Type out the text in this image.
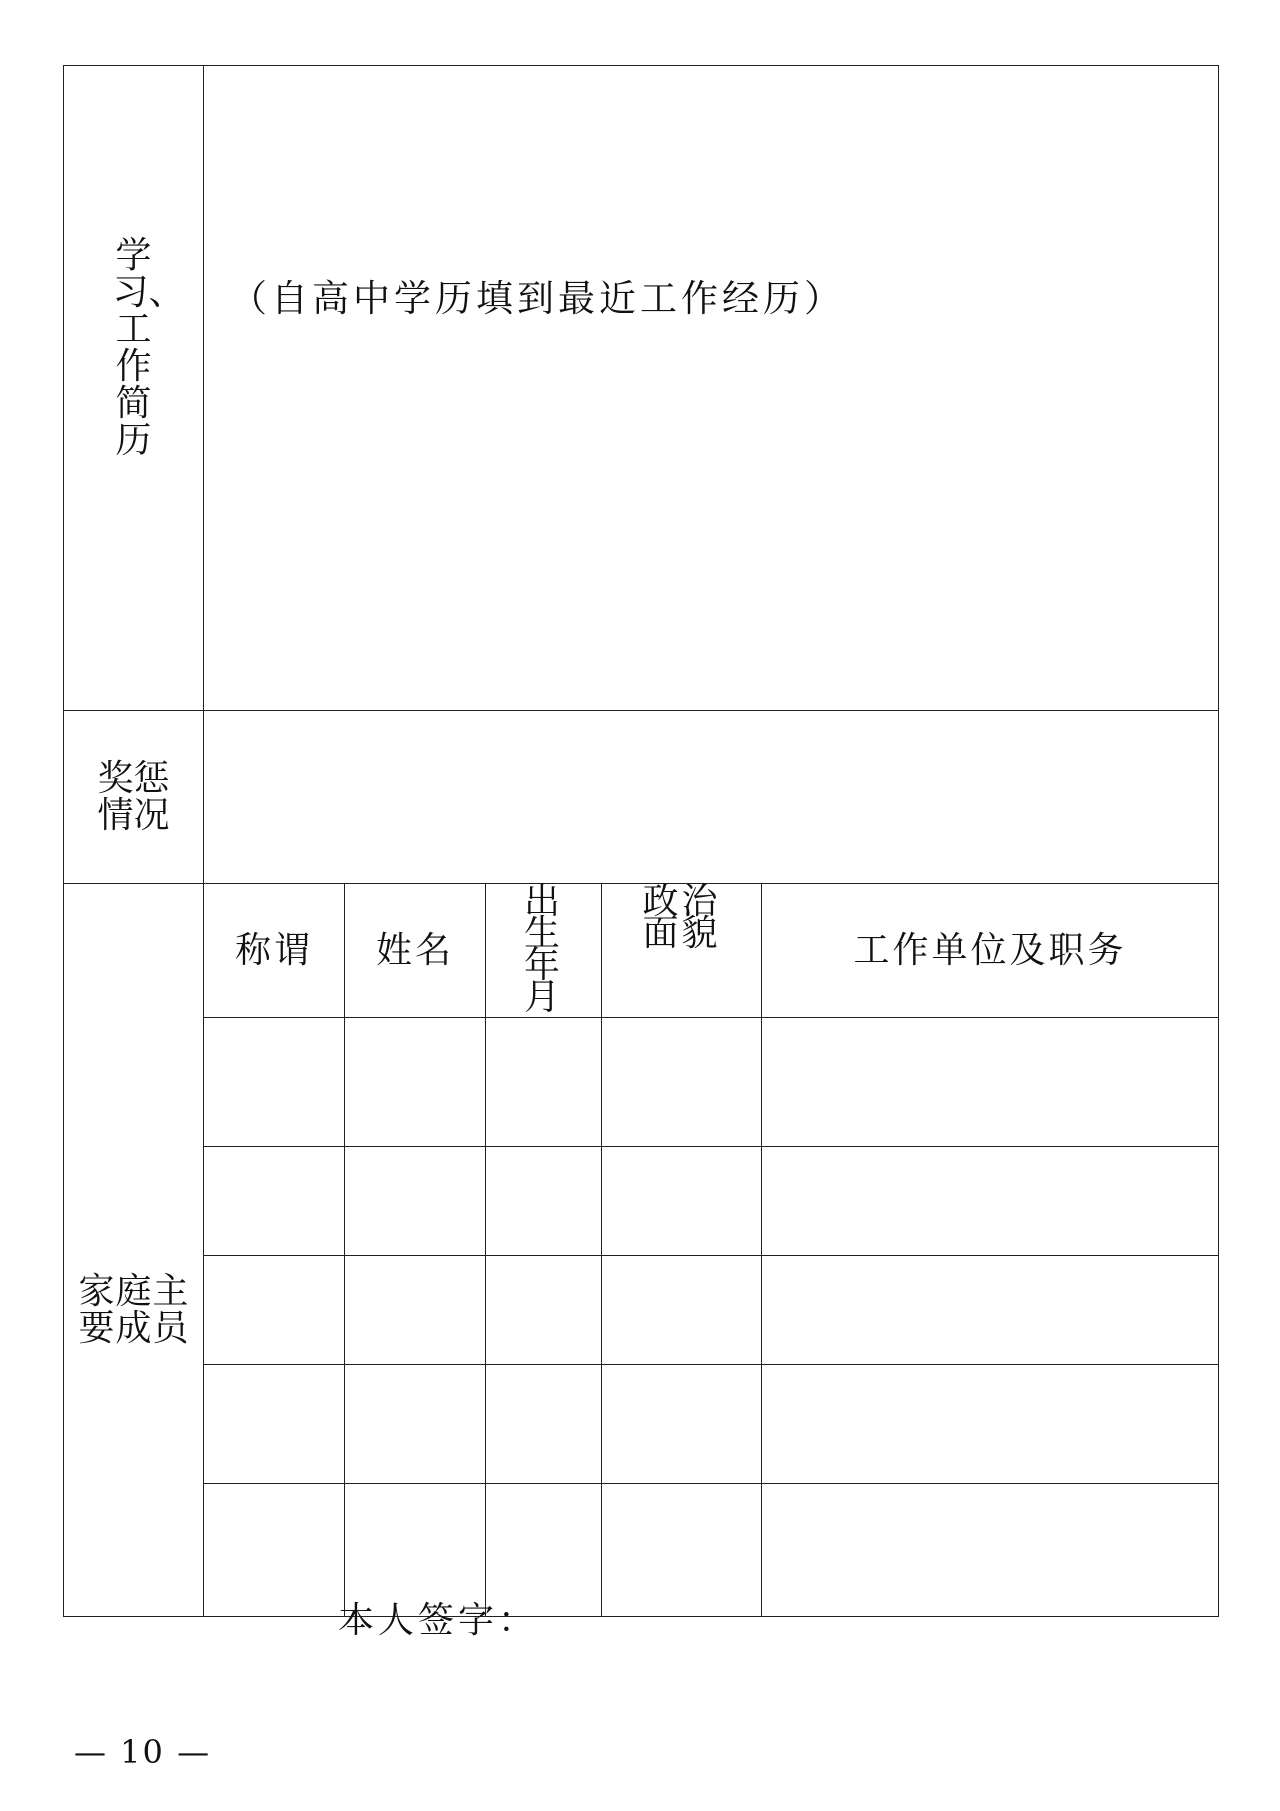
学习、工作简历	（自高中学历填到最近工作经历）				

奖惩情况					
家庭主要成员	称谓	姓名	出生年月	政治面貌	工作单位及职务

本人签字：
— 10 —
